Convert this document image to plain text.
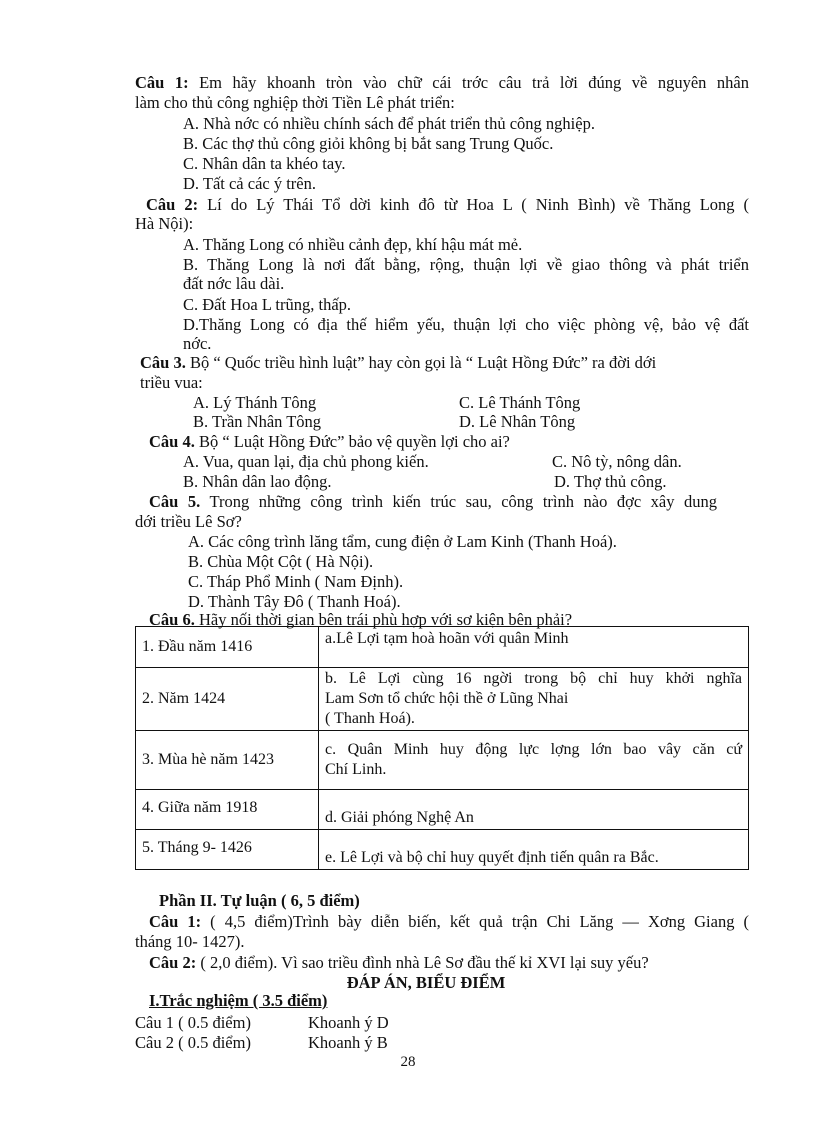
Câu 1: Em hãy khoanh tròn vào chữ cái trớc câu trả lời đúng về nguyên nhân
làm cho thủ công nghiệp thời Tiền Lê phát triển:
A. Nhà nớc có nhiều chính sách để phát triển thủ công nghiệp.
B. Các thợ thủ công giỏi không bị bắt sang Trung Quốc.
C. Nhân dân ta khéo tay.
D. Tất cả các ý trên.
Câu 2: Lí do Lý Thái Tổ dời kinh đô từ Hoa L ( Ninh Bình) về Thăng Long (
Hà Nội):
A. Thăng Long có nhiều cảnh đẹp, khí hậu mát mẻ.
B. Thăng Long là nơi đất bằng, rộng, thuận lợi về giao thông và phát triển
đất nớc lâu dài.
C. Đất Hoa L trũng, thấp.
D.Thăng Long có địa thế hiểm yếu, thuận lợi cho việc phòng vệ, bảo vệ đất
nớc.
Câu 3. Bộ “ Quốc triều hình luật” hay còn gọi là “ Luật Hồng Đức” ra đời dới
triều vua:
A. Lý Thánh Tông	C. Lê Thánh Tông
B. Trần Nhân Tông	D. Lê Nhân Tông
Câu 4. Bộ “ Luật Hồng Đức” bảo vệ quyền lợi cho ai?
A. Vua, quan lại, địa chủ phong kiến.	C. Nô tỳ, nông dân.
B. Nhân dân lao động.	D. Thợ thủ công.
Câu 5. Trong những công trình kiến trúc sau, công trình nào đợc xây dung
dới triều Lê Sơ?
A. Các công trình lăng tẩm, cung điện ở Lam Kinh (Thanh Hoá).
B. Chùa Một Cột ( Hà Nội).
C. Tháp Phổ Minh ( Nam Định).
D. Thành Tây Đô ( Thanh Hoá).
Câu 6. Hãy nối thời gian bên trái phù hợp với sơ kiện bên phải?
1. Đầu năm 1416	a.Lê Lợi tạm hoà hoãn với quân Minh

2. Năm 1424	b. Lê Lợi cùng 16 ngời trong bộ chỉ huy khởi nghĩa
Lam Sơn tổ chức hội thề ở Lũng Nhai
( Thanh Hoá).

3. Mùa hè năm 1423	c. Quân Minh huy động lực lợng lớn bao vây căn cứ
Chí Linh.

4. Giữa năm 1918	d. Giải phóng Nghệ An

5. Tháng 9- 1426	e. Lê Lợi và bộ chỉ huy quyết định tiến quân ra Bắc.
Phần II. Tự luận ( 6, 5 điểm)
Câu 1: ( 4,5 điểm)Trình bày diễn biến, kết quả trận Chi Lăng — Xơng Giang (
tháng 10- 1427).
Câu 2: ( 2,0 điểm). Vì sao triều đình nhà Lê Sơ đầu thế kỉ XVI lại suy yếu?
ĐÁP ÁN, BIỂU ĐIỂM
I.Trắc nghiệm ( 3.5 điểm)
Câu 1 ( 0.5 điểm)	Khoanh ý D
Câu 2 ( 0.5 điểm)	Khoanh ý B
28
